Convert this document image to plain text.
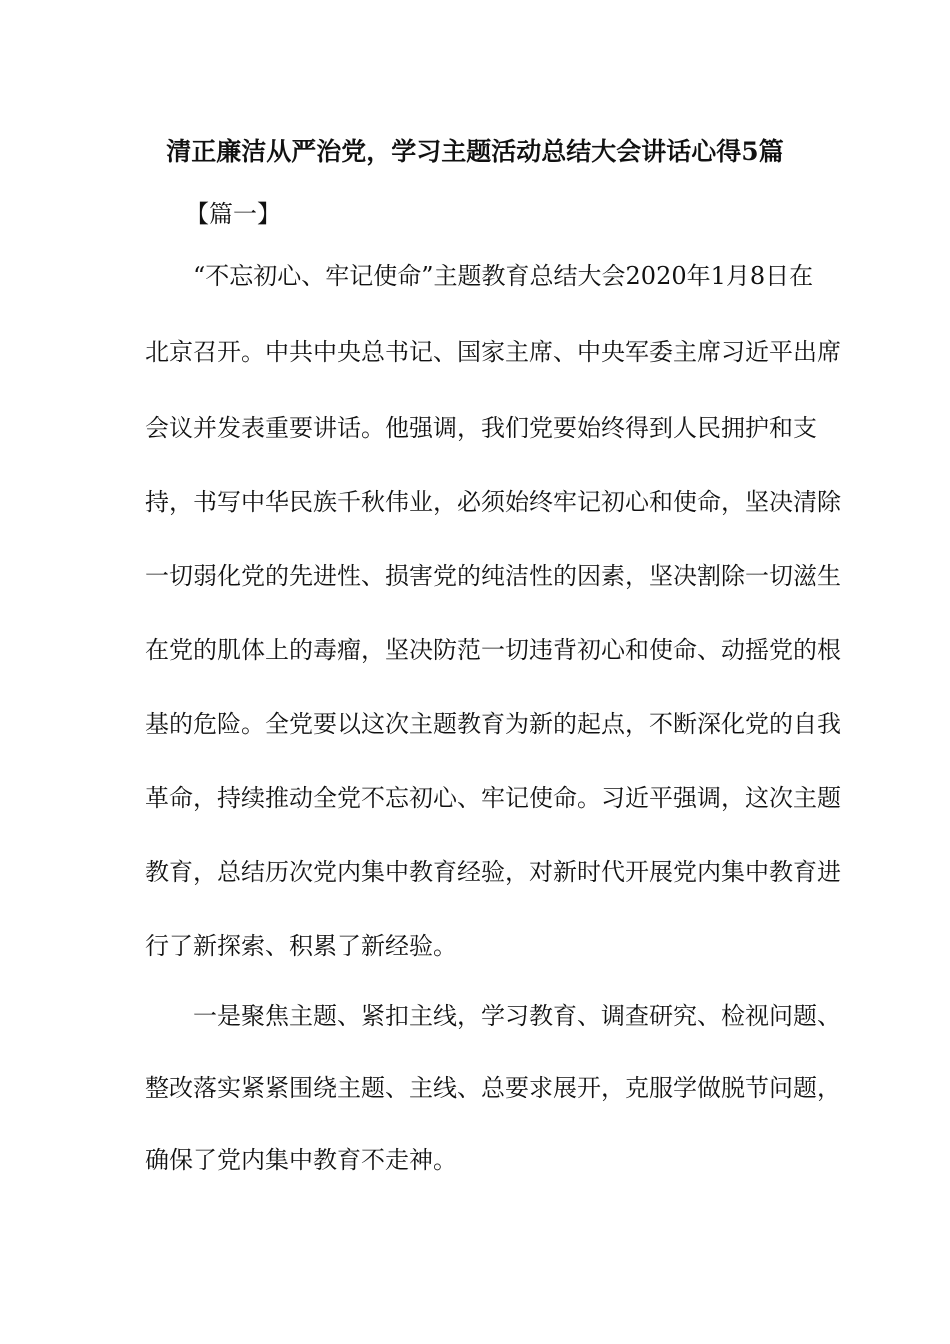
清正廉洁从严治党，学习主题活动总结大会讲话心得5篇

【篇一】

“不忘初心、牢记使命”主题教育总结大会2020年1月8日在

北京召开。中共中央总书记、国家主席、中央军委主席习近平出席

会议并发表重要讲话。他强调，我们党要始终得到人民拥护和支

持，书写中华民族千秋伟业，必须始终牢记初心和使命，坚决清除

一切弱化党的先进性、损害党的纯洁性的因素，坚决割除一切滋生

在党的肌体上的毒瘤，坚决防范一切违背初心和使命、动摇党的根

基的危险。全党要以这次主题教育为新的起点，不断深化党的自我

革命，持续推动全党不忘初心、牢记使命。习近平强调，这次主题

教育，总结历次党内集中教育经验，对新时代开展党内集中教育进

行了新探索、积累了新经验。

一是聚焦主题、紧扣主线，学习教育、调查研究、检视问题、

整改落实紧紧围绕主题、主线、总要求展开，克服学做脱节问题，

确保了党内集中教育不走神。
